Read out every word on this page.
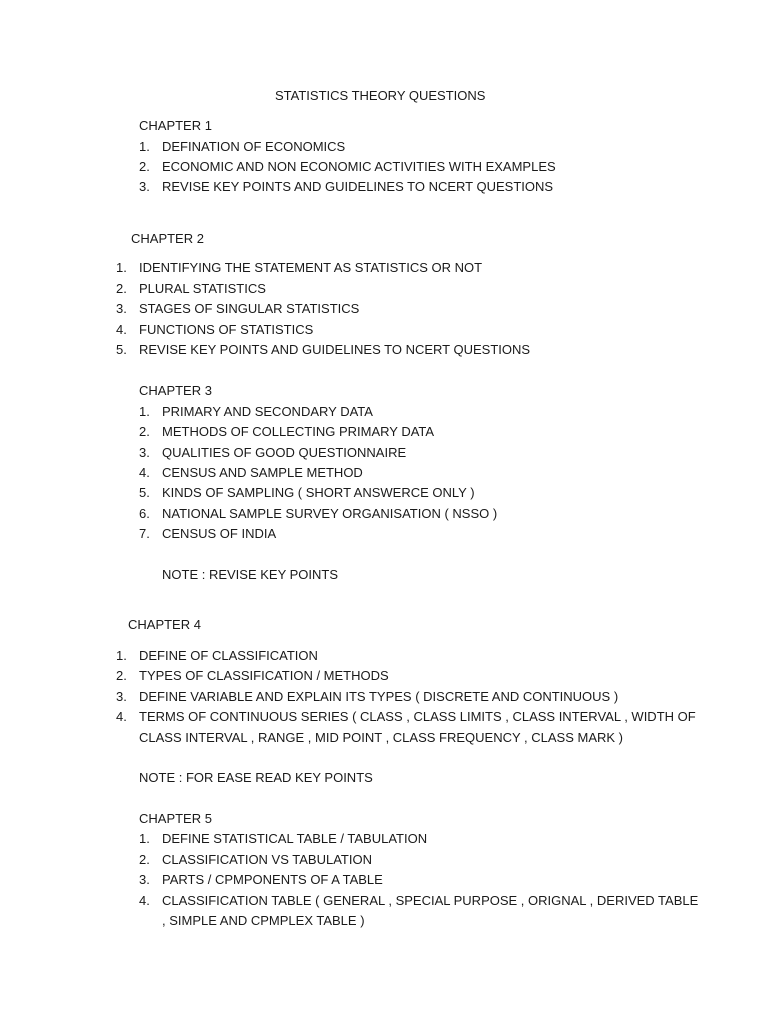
STATISTICS THEORY QUESTIONS
CHAPTER 1
1. DEFINATION OF ECONOMICS
2. ECONOMIC AND NON ECONOMIC ACTIVITIES WITH EXAMPLES
3. REVISE KEY POINTS AND GUIDELINES TO NCERT QUESTIONS
CHAPTER 2
1. IDENTIFYING THE STATEMENT AS STATISTICS OR NOT
2. PLURAL STATISTICS
3. STAGES OF SINGULAR STATISTICS
4. FUNCTIONS OF STATISTICS
5. REVISE KEY POINTS AND GUIDELINES TO NCERT QUESTIONS
CHAPTER 3
1. PRIMARY AND SECONDARY DATA
2. METHODS OF COLLECTING PRIMARY DATA
3. QUALITIES OF GOOD QUESTIONNAIRE
4. CENSUS AND SAMPLE METHOD
5. KINDS OF SAMPLING ( SHORT ANSWERCE ONLY )
6. NATIONAL SAMPLE SURVEY ORGANISATION ( NSSO )
7. CENSUS OF INDIA
NOTE : REVISE KEY POINTS
CHAPTER 4
1. DEFINE OF CLASSIFICATION
2. TYPES OF CLASSIFICATION / METHODS
3. DEFINE VARIABLE AND EXPLAIN ITS TYPES ( DISCRETE AND CONTINUOUS )
4. TERMS OF CONTINUOUS SERIES ( CLASS , CLASS LIMITS , CLASS INTERVAL , WIDTH OF
CLASS INTERVAL , RANGE , MID POINT , CLASS FREQUENCY , CLASS MARK )
NOTE : FOR EASE READ KEY POINTS
CHAPTER 5
1. DEFINE STATISTICAL TABLE / TABULATION
2. CLASSIFICATION VS TABULATION
3. PARTS / CPMPONENTS OF A TABLE
4. CLASSIFICATION TABLE ( GENERAL , SPECIAL PURPOSE , ORIGNAL , DERIVED TABLE
, SIMPLE AND CPMPLEX TABLE )
